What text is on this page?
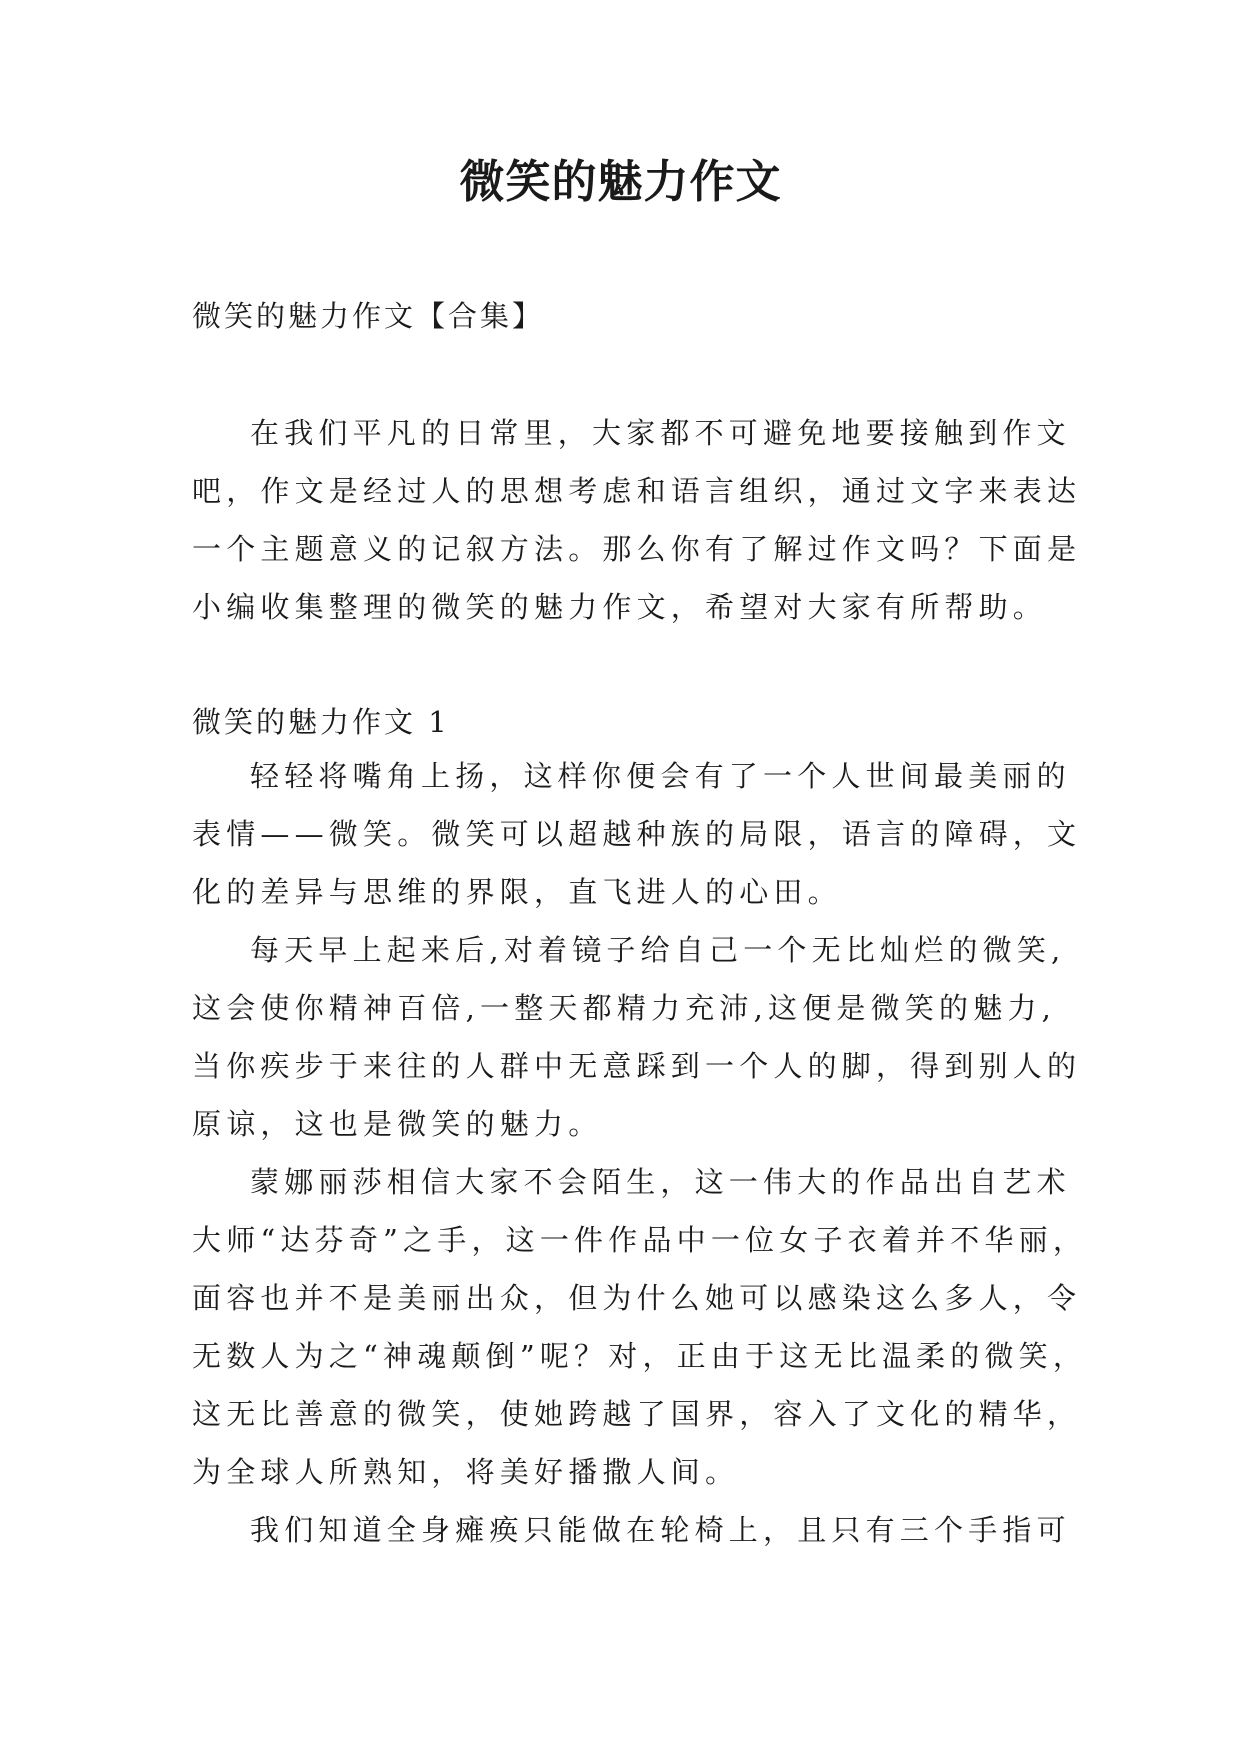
微笑的魅力作文

微笑的魅力作文【合集】

在我们平凡的日常里，大家都不可避免地要接触到作文
吧，作文是经过人的思想考虑和语言组织，通过文字来表达
一个主题意义的记叙方法。那么你有了解过作文吗？下面是
小编收集整理的微笑的魅力作文，希望对大家有所帮助。

微笑的魅力作文 1

轻轻将嘴角上扬，这样你便会有了一个人世间最美丽的
表情——微笑。微笑可以超越种族的局限，语言的障碍，文
化的差异与思维的界限，直飞进人的心田。

每天早上起来后,对着镜子给自己一个无比灿烂的微笑,
这会使你精神百倍,一整天都精力充沛,这便是微笑的魅力,
当你疾步于来往的人群中无意踩到一个人的脚，得到别人的
原谅，这也是微笑的魅力。

蒙娜丽莎相信大家不会陌生，这一伟大的作品出自艺术
大师“达芬奇”之手，这一件作品中一位女子衣着并不华丽，
面容也并不是美丽出众，但为什么她可以感染这么多人，令
无数人为之“神魂颠倒”呢？对，正由于这无比温柔的微笑，
这无比善意的微笑，使她跨越了国界，容入了文化的精华，
为全球人所熟知，将美好播撒人间。

我们知道全身瘫痪只能做在轮椅上，且只有三个手指可
